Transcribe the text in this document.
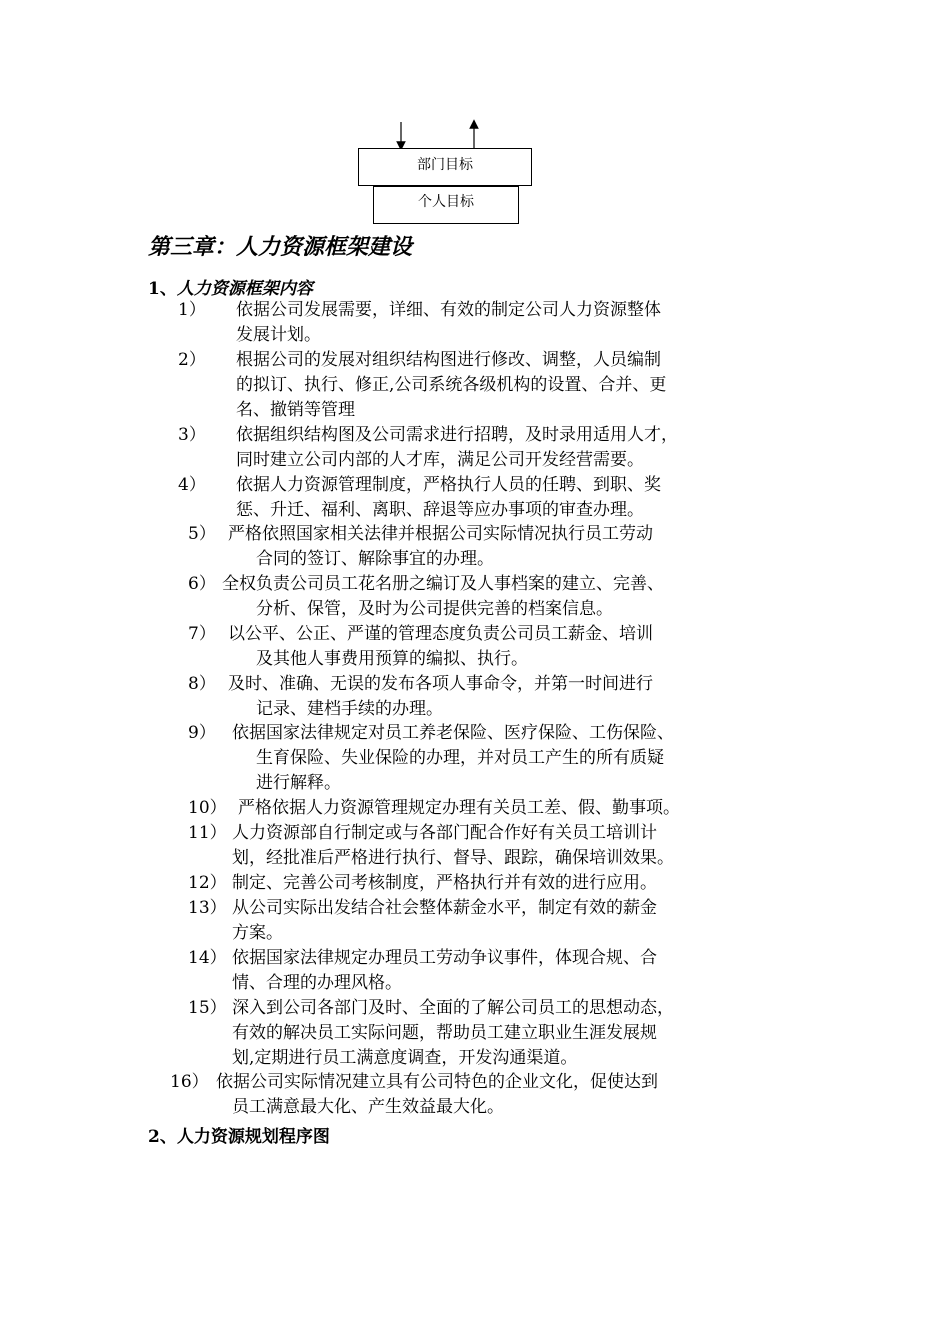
部门目标
个人目标
第三章：人力资源框架建设
1、人力资源框架内容
1） 依据公司发展需要，详细、有效的制定公司人力资源整体
发展计划。
2） 根据公司的发展对组织结构图进行修改、调整，人员编制
的拟订、执行、修正,公司系统各级机构的设置、合并、更
名、撤销等管理
3） 依据组织结构图及公司需求进行招聘，及时录用适用人才，
同时建立公司内部的人才库，满足公司开发经营需要。
4） 依据人力资源管理制度，严格执行人员的任聘、到职、奖
惩、升迁、福利、离职、辞退等应办事项的审查办理。
5） 严格依照国家相关法律并根据公司实际情况执行员工劳动
合同的签订、解除事宜的办理。
6） 全权负责公司员工花名册之编订及人事档案的建立、完善、
分析、保管，及时为公司提供完善的档案信息。
7） 以公平、公正、严谨的管理态度负责公司员工薪金、培训
及其他人事费用预算的编拟、执行。
8） 及时、准确、无误的发布各项人事命令，并第一时间进行
记录、建档手续的办理。
9） 依据国家法律规定对员工养老保险、医疗保险、工伤保险、
生育保险、失业保险的办理，并对员工产生的所有质疑
进行解释。
10） 严格依据人力资源管理规定办理有关员工差、假、勤事项。
11） 人力资源部自行制定或与各部门配合作好有关员工培训计
划，经批准后严格进行执行、督导、跟踪，确保培训效果。
12） 制定、完善公司考核制度，严格执行并有效的进行应用。
13） 从公司实际出发结合社会整体薪金水平，制定有效的薪金
方案。
14） 依据国家法律规定办理员工劳动争议事件，体现合规、合
情、合理的办理风格。
15） 深入到公司各部门及时、全面的了解公司员工的思想动态，
有效的解决员工实际问题，帮助员工建立职业生涯发展规
划,定期进行员工满意度调查，开发沟通渠道。
16） 依据公司实际情况建立具有公司特色的企业文化，促使达到
员工满意最大化、产生效益最大化。
2、人力资源规划程序图
